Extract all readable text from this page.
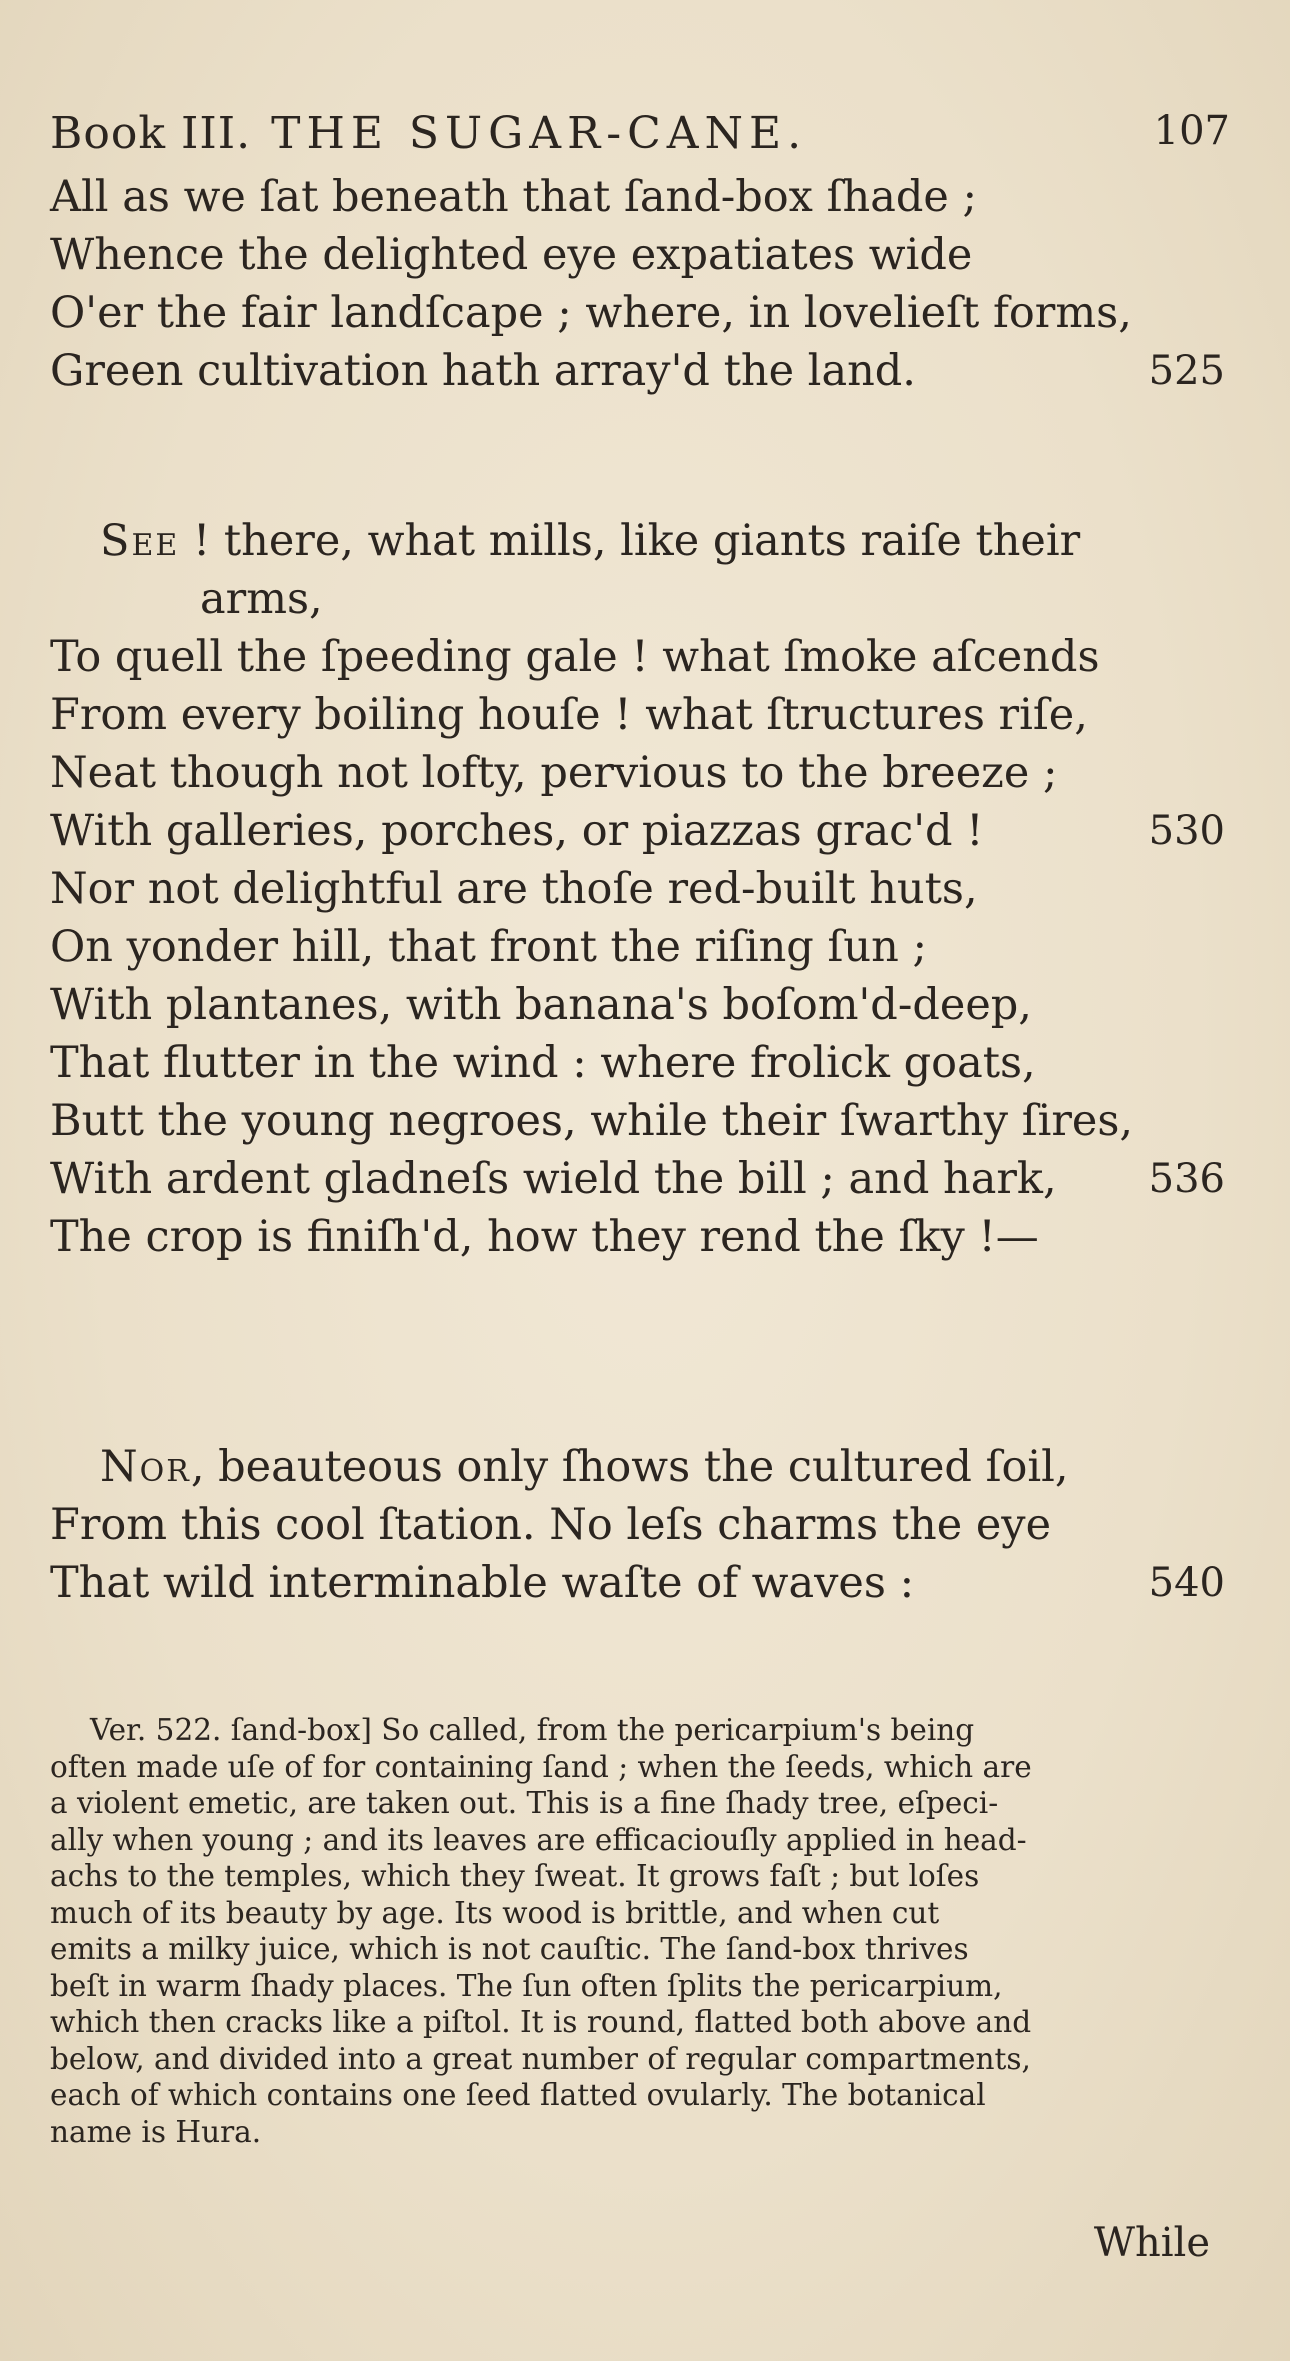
Book III. THE SUGAR-CANE.	107
All as we ſat beneath that ſand-box ſhade ;
Whence the delighted eye expatiates wide
O'er the fair landſcape ; where, in lovelieſt forms,
Green cultivation hath array'd the land.	525
See ! there, what mills, like giants raiſe their
arms,
To quell the ſpeeding gale ! what ſmoke aſcends
From every boiling houſe ! what ſtructures riſe,
Neat though not lofty, pervious to the breeze ;
With galleries, porches, or piazzas grac'd !	530
Nor not delightful are thoſe red-built huts,
On yonder hill, that front the riſing ſun ;
With plantanes, with banana's boſom'd-deep,
That flutter in the wind : where frolick goats,
Butt the young negroes, while their ſwarthy ſires,
With ardent gladneſs wield the bill ; and hark, 536
The crop is finiſh'd, how they rend the ſky !—
Nor, beauteous only ſhows the cultured ſoil,
From this cool ſtation. No leſs charms the eye
That wild interminable waſte of waves :	540
Ver. 522. ſand-box] So called, from the pericarpium's being
often made uſe of for containing ſand ; when the ſeeds, which are
a violent emetic, are taken out. This is a fine ſhady tree, eſpeci-
ally when young ; and its leaves are efficaciouſly applied in head-
achs to the temples, which they ſweat. It grows faſt ; but loſes
much of its beauty by age. Its wood is brittle, and when cut
emits a milky juice, which is not cauſtic. The ſand-box thrives
beſt in warm ſhady places. The ſun often ſplits the pericarpium,
which then cracks like a piſtol. It is round, flatted both above and
below, and divided into a great number of regular compartments,
each of which contains one ſeed flatted ovularly. The botanical
name is Hura.
While
